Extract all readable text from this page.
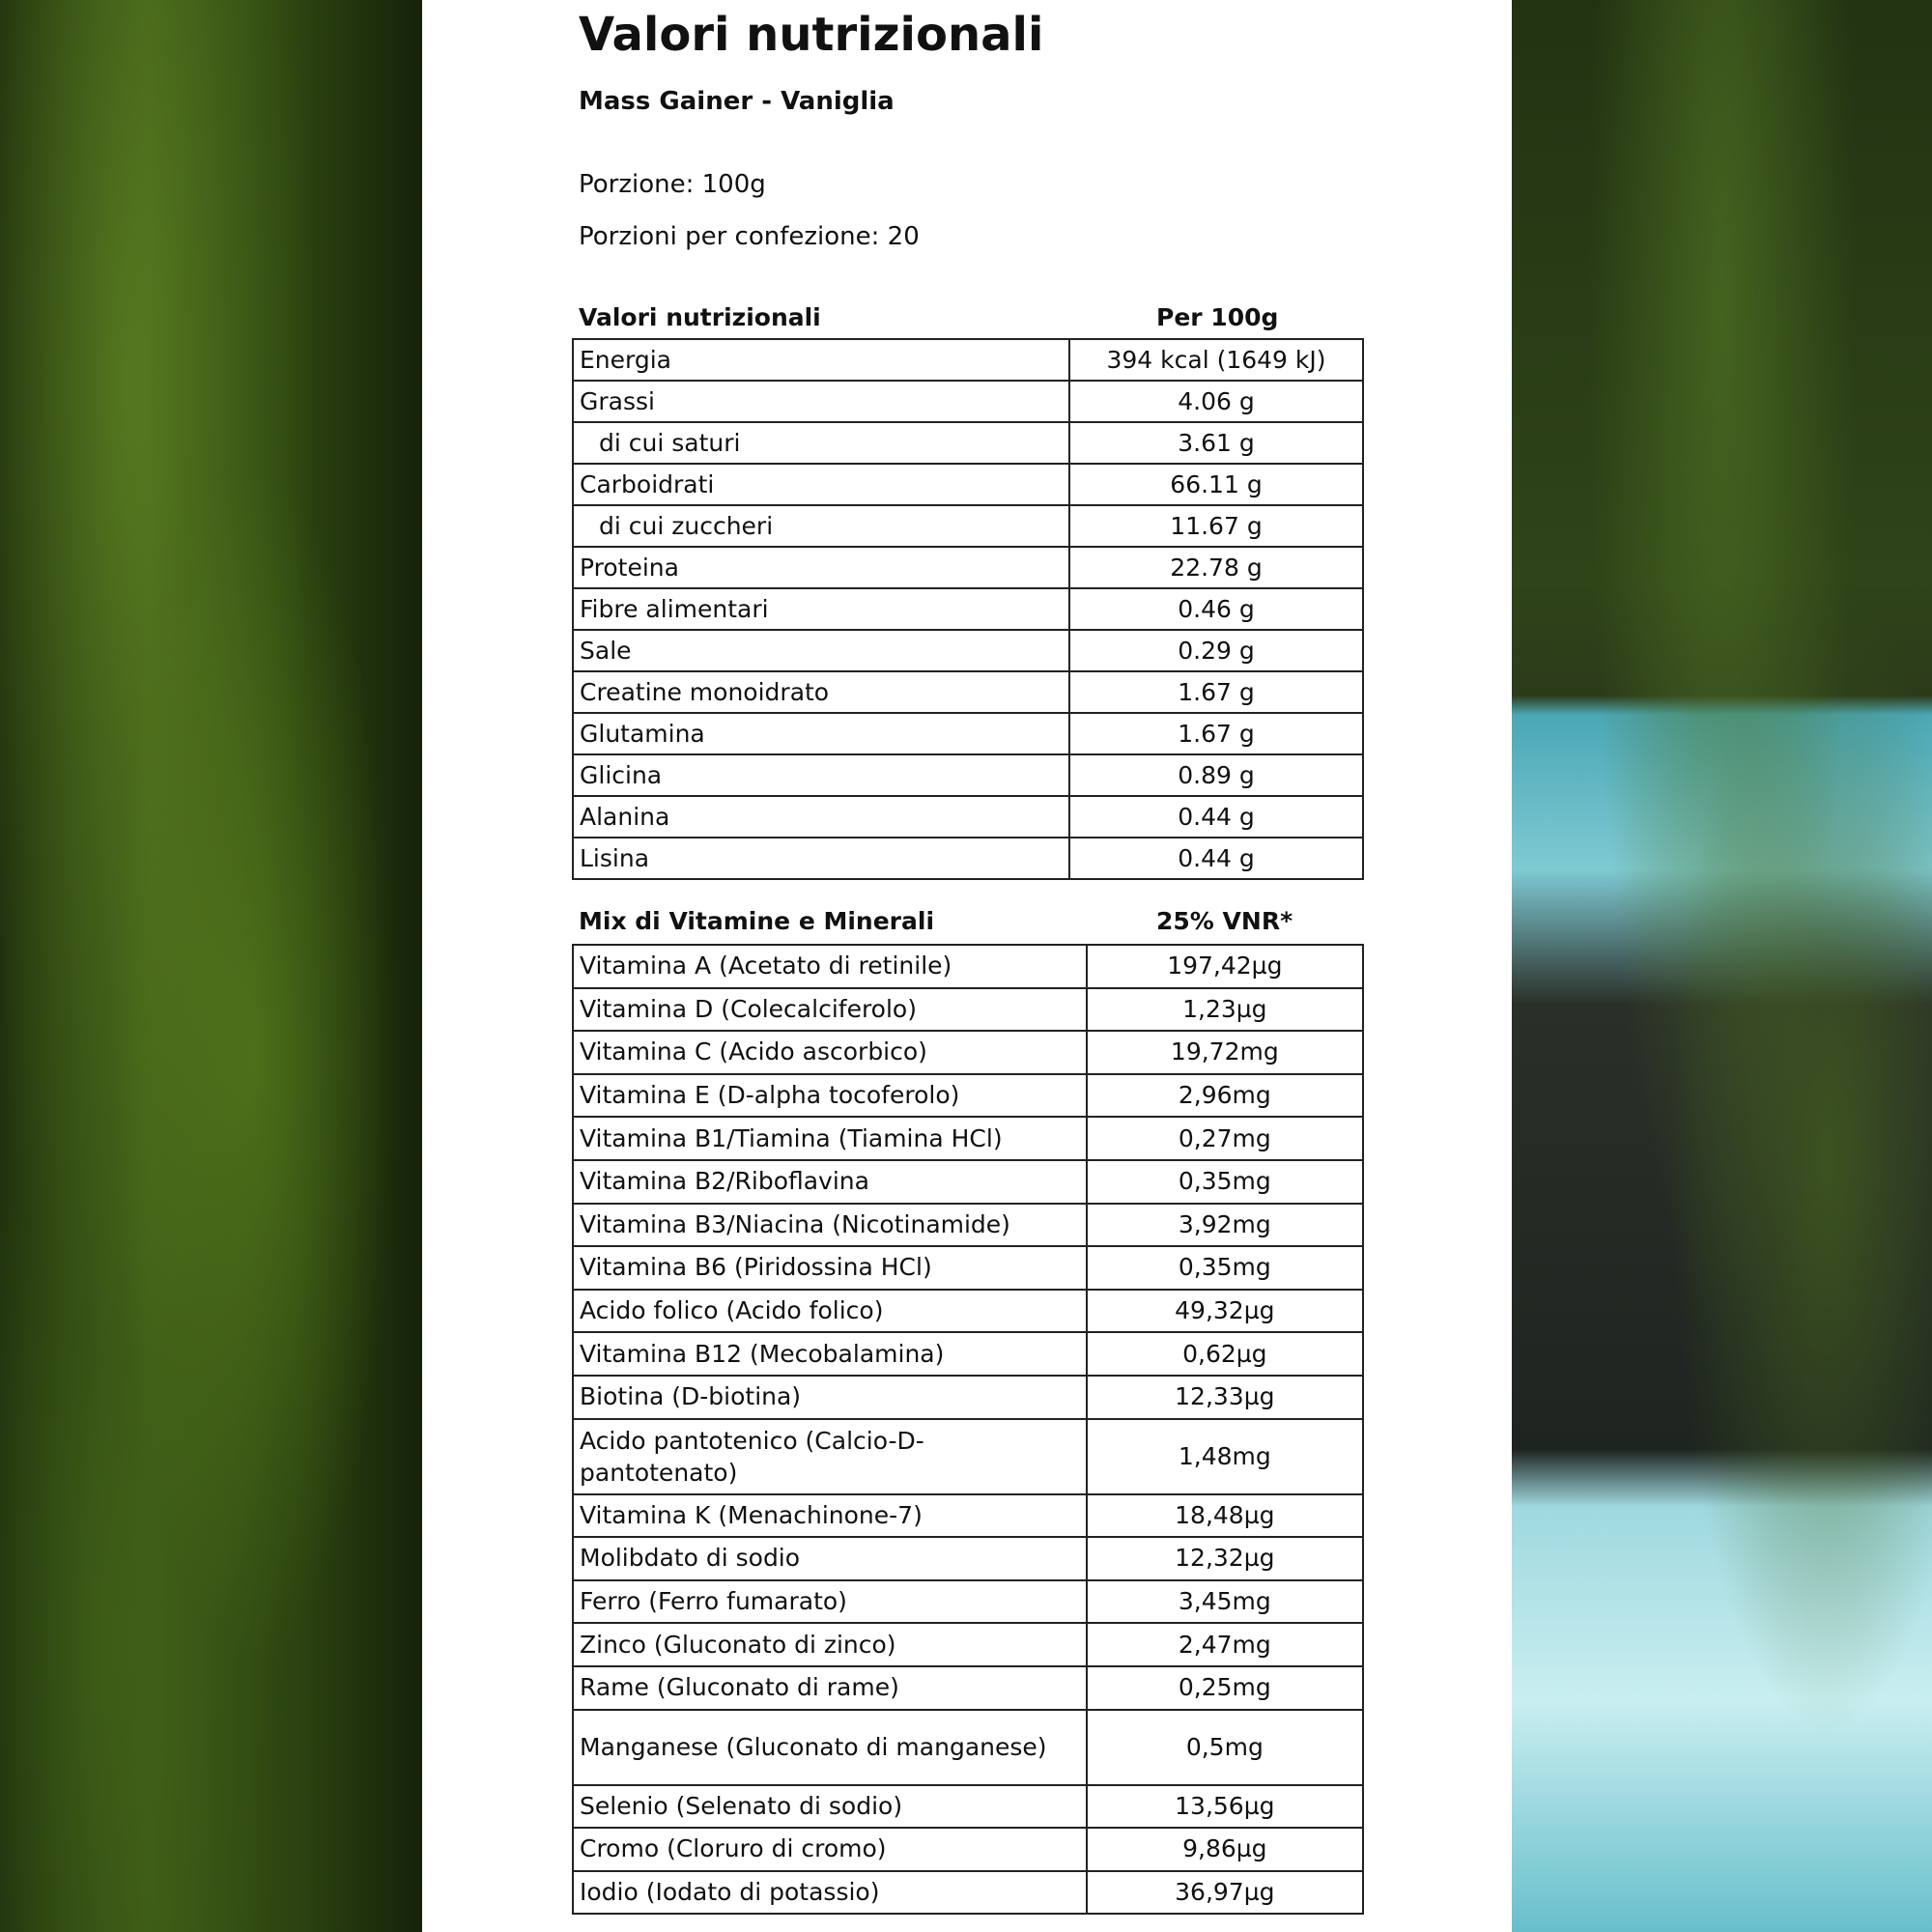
Valori nutrizionali

Mass Gainer - Vaniglia

Porzione: 100g

Porzioni per confezione: 20

Valori nutrizionali	Per 100g
Energia	394 kcal (1649 kJ)
Grassi	4.06 g
di cui saturi	3.61 g
Carboidrati	66.11 g
di cui zuccheri	11.67 g
Proteina	22.78 g
Fibre alimentari	0.46 g
Sale	0.29 g
Creatine monoidrato	1.67 g
Glutamina	1.67 g
Glicina	0.89 g
Alanina	0.44 g
Lisina	0.44 g
Mix di Vitamine e Minerali	25% VNR*
Vitamina A (Acetato di retinile)	197,42µg
Vitamina D (Colecalciferolo)	1,23µg
Vitamina C (Acido ascorbico)	19,72mg
Vitamina E (D-alpha tocoferolo)	2,96mg
Vitamina B1/Tiamina (Tiamina HCl)	0,27mg
Vitamina B2/Riboflavina	0,35mg
Vitamina B3/Niacina (Nicotinamide)	3,92mg
Vitamina B6 (Piridossina HCl)	0,35mg
Acido folico (Acido folico)	49,32µg
Vitamina B12 (Mecobalamina)	0,62µg
Biotina (D-biotina)	12,33µg
Acido pantotenico (Calcio-D-pantotenato)	1,48mg
Vitamina K (Menachinone-7)	18,48µg
Molibdato di sodio	12,32µg
Ferro (Ferro fumarato)	3,45mg
Zinco (Gluconato di zinco)	2,47mg
Rame (Gluconato di rame)	0,25mg
Manganese (Gluconato di manganese)	0,5mg
Selenio (Selenato di sodio)	13,56µg
Cromo (Cloruro di cromo)	9,86µg
Iodio (Iodato di potassio)	36,97µg
